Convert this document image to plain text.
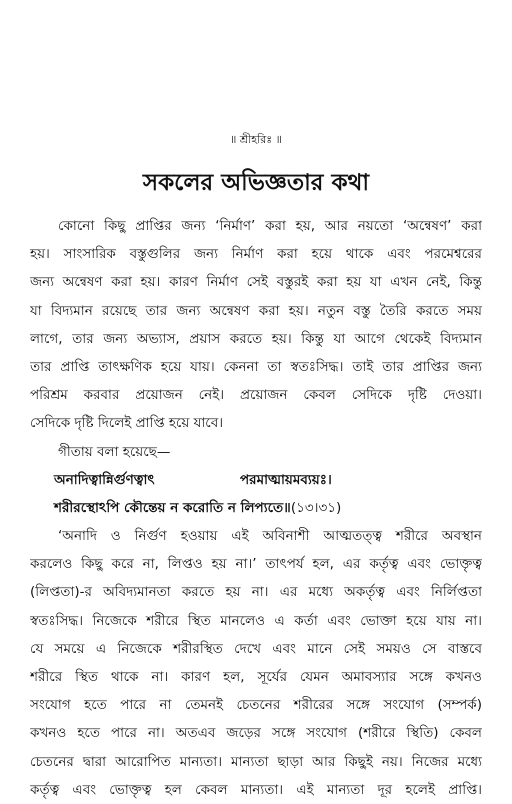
॥ শ্রীহরিঃ ॥
সকলের অভিজ্ঞতার কথা
কোনো কিছু প্রাপ্তির জন্য ‘নির্মাণ’ করা হয়, আর নয়তো ‘অন্বেষণ’ করা
হয়। সাংসারিক বস্তুগুলির জন্য নির্মাণ করা হয়ে থাকে এবং পরমেশ্বরের
জন্য অন্বেষণ করা হয়। কারণ নির্মাণ সেই বস্তুরই করা হয় যা এখন নেই, কিন্তু
যা বিদ্যমান রয়েছে তার জন্য অন্বেষণ করা হয়। নতুন বস্তু তৈরি করতে সময়
লাগে, তার জন্য অভ্যাস, প্রয়াস করতে হয়। কিন্তু যা আগে থেকেই বিদ্যমান
তার প্রাপ্তি তাৎক্ষণিক হয়ে যায়। কেননা তা স্বতঃসিদ্ধ। তাই তার প্রাপ্তির জন্য
পরিশ্রম করবার প্রয়োজন নেই। প্রয়োজন কেবল সেদিকে দৃষ্টি দেওয়া।
সেদিকে দৃষ্টি দিলেই প্রাপ্তি হয়ে যাবে।
গীতায় বলা হয়েছে—
অনাদিত্বান্নির্গুণত্বাৎ	পরমাত্মায়মব্যয়ঃ।
শরীরস্থোঽপি কৌন্তেয় ন করোতি ন লিপ্যতে॥ (১৩।৩১)
‘অনাদি ও নির্গুণ হওয়ায় এই অবিনাশী আত্মতত্ত্ব শরীরে অবস্থান
করলেও কিছু করে না, লিপ্তও হয় না।’ তাৎপর্য হল, এর কর্তৃত্ব এবং ভোক্তৃত্ব
(লিপ্ততা)-র অবিদ্যমানতা করতে হয় না। এর মধ্যে অকর্তৃত্ব এবং নির্লিপ্ততা
স্বতঃসিদ্ধ। নিজেকে শরীরে স্থিত মানলেও এ কর্তা এবং ভোক্তা হয়ে যায় না।
যে সময়ে এ নিজেকে শরীরস্থিত দেখে এবং মানে সেই সময়ও সে বাস্তবে
শরীরে স্থিত থাকে না। কারণ হল, সূর্যের যেমন অমাবস্যার সঙ্গে কখনও
সংযোগ হতে পারে না তেমনই চেতনের শরীরের সঙ্গে সংযোগ (সম্পর্ক)
কখনও হতে পারে না। অতএব জড়ের সঙ্গে সংযোগ (শরীরে স্থিতি) কেবল
চেতনের দ্বারা আরোপিত মান্যতা। মান্যতা ছাড়া আর কিছুই নয়। নিজের মধ্যে
কর্তৃত্ব এবং ভোক্তৃত্ব হল কেবল মান্যতা। এই মান্যতা দূর হলেই প্রাপ্তি।
